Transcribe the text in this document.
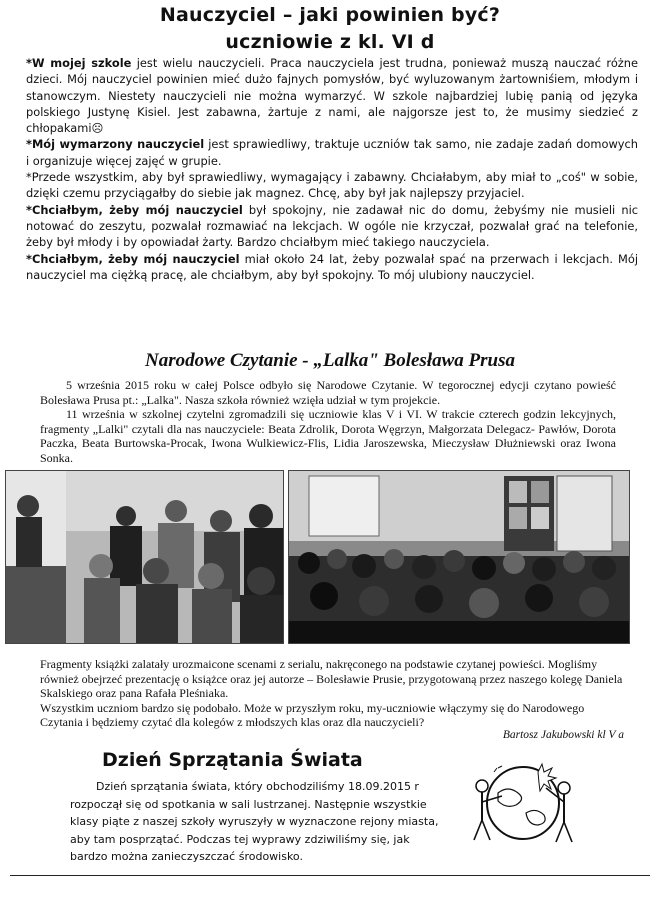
Nauczyciel – jaki powinien być?
uczniowie z kl. VI d

*W mojej szkole jest wielu nauczycieli. Praca nauczyciela jest trudna, ponieważ muszą nauczać różne dzieci. Mój nauczyciel powinien mieć dużo fajnych pomysłów, być wyluzowanym żartowniśiem, młodym i stanowczym. Niestety nauczycieli nie można wymarzyć. W szkole najbardziej lubię panią od języka polskiego Justynę Kisiel. Jest zabawna, żartuje z nami, ale najgorsze jest to, że musimy siedzieć z chłopakami☹

*Mój wymarzony nauczyciel jest sprawiedliwy, traktuje uczniów tak samo, nie zadaje zadań domowych i organizuje więcej zajęć w grupie.

*Przede wszystkim, aby był sprawiedliwy, wymagający i zabawny. Chciałabym, aby miał to „coś" w sobie, dzięki czemu przyciągałby do siebie jak magnez. Chcę, aby był jak najlepszy przyjaciel.

*Chciałbym, żeby mój nauczyciel był spokojny, nie zadawał nic do domu, żebyśmy nie musieli nic notować do zeszytu, pozwalał rozmawiać na lekcjach. W ogóle nie krzyczał, pozwalał grać na telefonie, żeby był młody i by opowiadał żarty. Bardzo chciałbym mieć takiego nauczyciela.

*Chciałbym, żeby mój nauczyciel miał około 24 lat, żeby pozwalał spać na przerwach i lekcjach. Mój nauczyciel ma ciężką pracę, ale chciałbym, aby był spokojny. To mój ulubiony nauczyciel.

Narodowe Czytanie - „Lalka" Bolesława Prusa

5 września 2015 roku w całej Polsce odbyło się Narodowe Czytanie. W tegorocznej edycji czytano powieść Bolesława Prusa pt.: „Lalka". Nasza szkoła również wzięła udział w tym projekcie.

11 września w szkolnej czytelni zgromadzili się uczniowie klas V i VI. W trakcie czterech godzin lekcyjnych, fragmenty „Lalki" czytali dla nas nauczyciele: Beata Zdrolik, Dorota Węgrzyn, Małgorzata Delegacz- Pawłów, Dorota Paczka, Beata Burtowska-Procak, Iwona Wulkiewicz-Flis, Lidia Jaroszewska, Mieczysław Dłużniewski oraz Iwona Sonka.

Fragmenty książki zalatały urozmaicone scenami z serialu, nakręconego na podstawie czytanej powieści. Mogliśmy również obejrzeć prezentację o książce oraz jej autorze – Bolesławie Prusie, przygotowaną przez naszego kolegę Daniela Skalskiego oraz pana Rafała Pleśniaka.

Wszystkim uczniom bardzo się podobało. Może w przyszłym roku, my-uczniowie włączymy się do Narodowego Czytania i będziemy czytać dla kolegów z młodszych klas oraz dla nauczycieli?

Bartosz Jakubowski kl V a
Dzień Sprzątania Świata

Dzień sprzątania świata, który obchodziliśmy 18.09.2015 r rozpoczął się od spotkania w sali lustrzanej. Następnie wszystkie klasy piąte z naszej szkoły wyruszyły w wyznaczone rejony miasta, aby tam posprzątać. Podczas tej wyprawy zdziwiliśmy się, jak bardzo można zanieczyszczać środowisko.
